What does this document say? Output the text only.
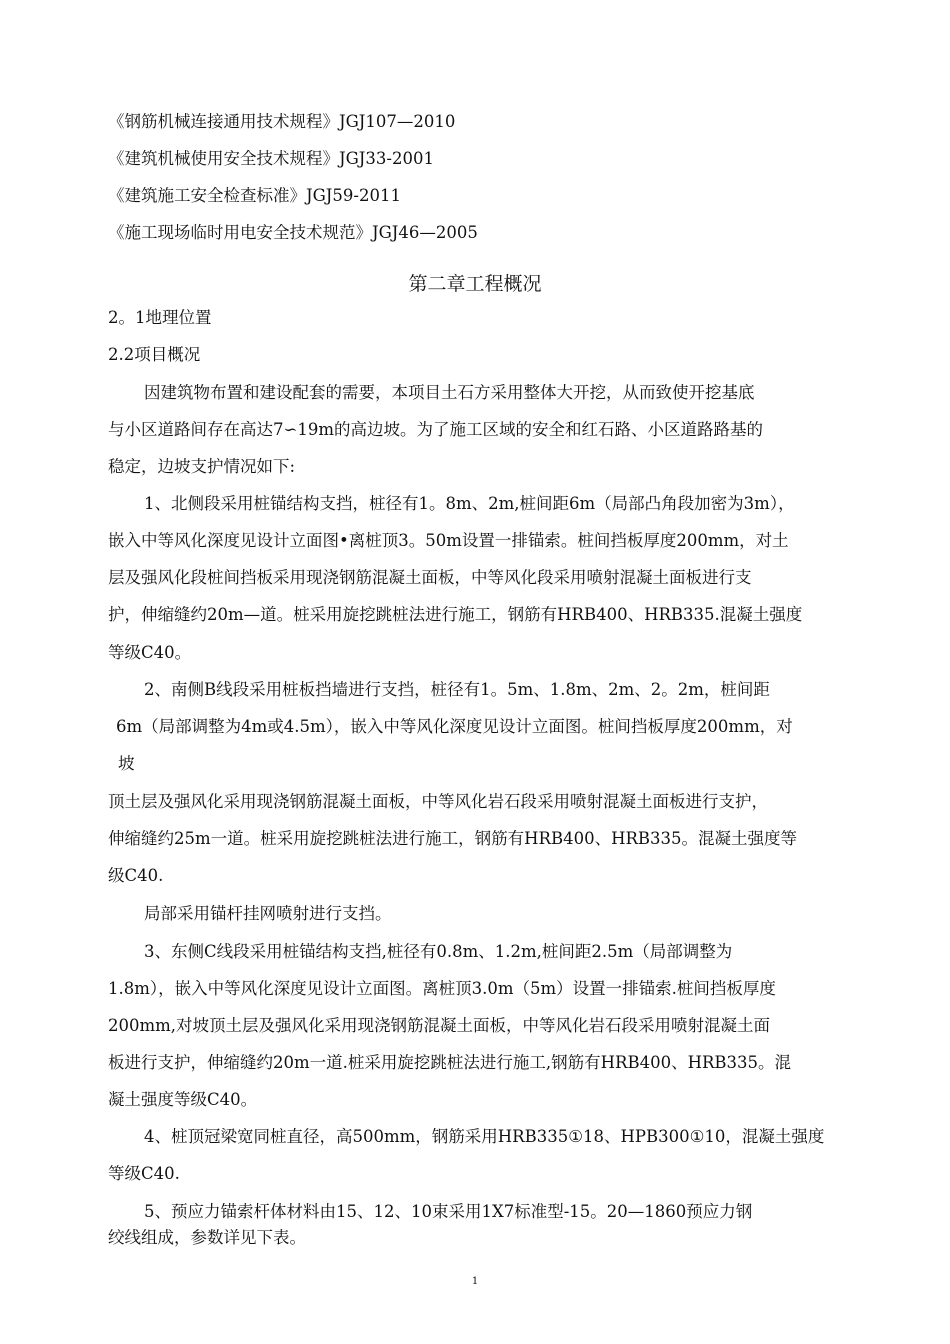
《钢筋机械连接通用技术规程》JGJ107—2010
《建筑机械使用安全技术规程》JGJ33-2001
《建筑施工安全检查标准》JGJ59-2011
《施工现场临时用电安全技术规范》JGJ46—2005
第二章工程概况
2。1地理位置
2.2项目概况
因建筑物布置和建设配套的需要，本项目土石方采用整体大开挖，从而致使开挖基底
与小区道路间存在高达7∽19m的高边坡。为了施工区域的安全和红石路、小区道路路基的
稳定，边坡支护情况如下:
1、北侧段采用桩锚结构支挡，桩径有1。8m、2m,桩间距6m（局部凸角段加密为3m），
嵌入中等风化深度见设计立面图•离桩顶3。50m设置一排锚索。桩间挡板厚度200mm，对土
层及强风化段桩间挡板采用现浇钢筋混凝土面板，中等风化段采用喷射混凝土面板进行支
护，伸缩缝约20m—道。桩采用旋挖跳桩法进行施工，钢筋有HRB400、HRB335.混凝土强度
等级C40。
2、南侧B线段采用桩板挡墙进行支挡，桩径有1。5m、1.8m、2m、2。2m，桩间距
6m（局部调整为4m或4.5m），嵌入中等风化深度见设计立面图。桩间挡板厚度200mm，对
坡
顶土层及强风化采用现浇钢筋混凝土面板，中等风化岩石段采用喷射混凝土面板进行支护，
伸缩缝约25m一道。桩采用旋挖跳桩法进行施工，钢筋有HRB400、HRB335。混凝土强度等
级C40.
局部采用锚杆挂网喷射进行支挡。
3、东侧C线段采用桩锚结构支挡,桩径有0.8m、1.2m,桩间距2.5m（局部调整为
1.8m），嵌入中等风化深度见设计立面图。离桩顶3.0m（5m）设置一排锚索.桩间挡板厚度
200mm,对坡顶土层及强风化采用现浇钢筋混凝土面板，中等风化岩石段采用喷射混凝土面
板进行支护，伸缩缝约20m一道.桩采用旋挖跳桩法进行施工,钢筋有HRB400、HRB335。混
凝土强度等级C40。
4、桩顶冠梁宽同桩直径，高500mm，钢筋采用HRB335①18、HPB300①10，混凝土强度
等级C40.
5、预应力锚索杆体材料由15、12、10束采用1X7标准型-15。20—1860预应力钢
绞线组成，参数详见下表。
1
